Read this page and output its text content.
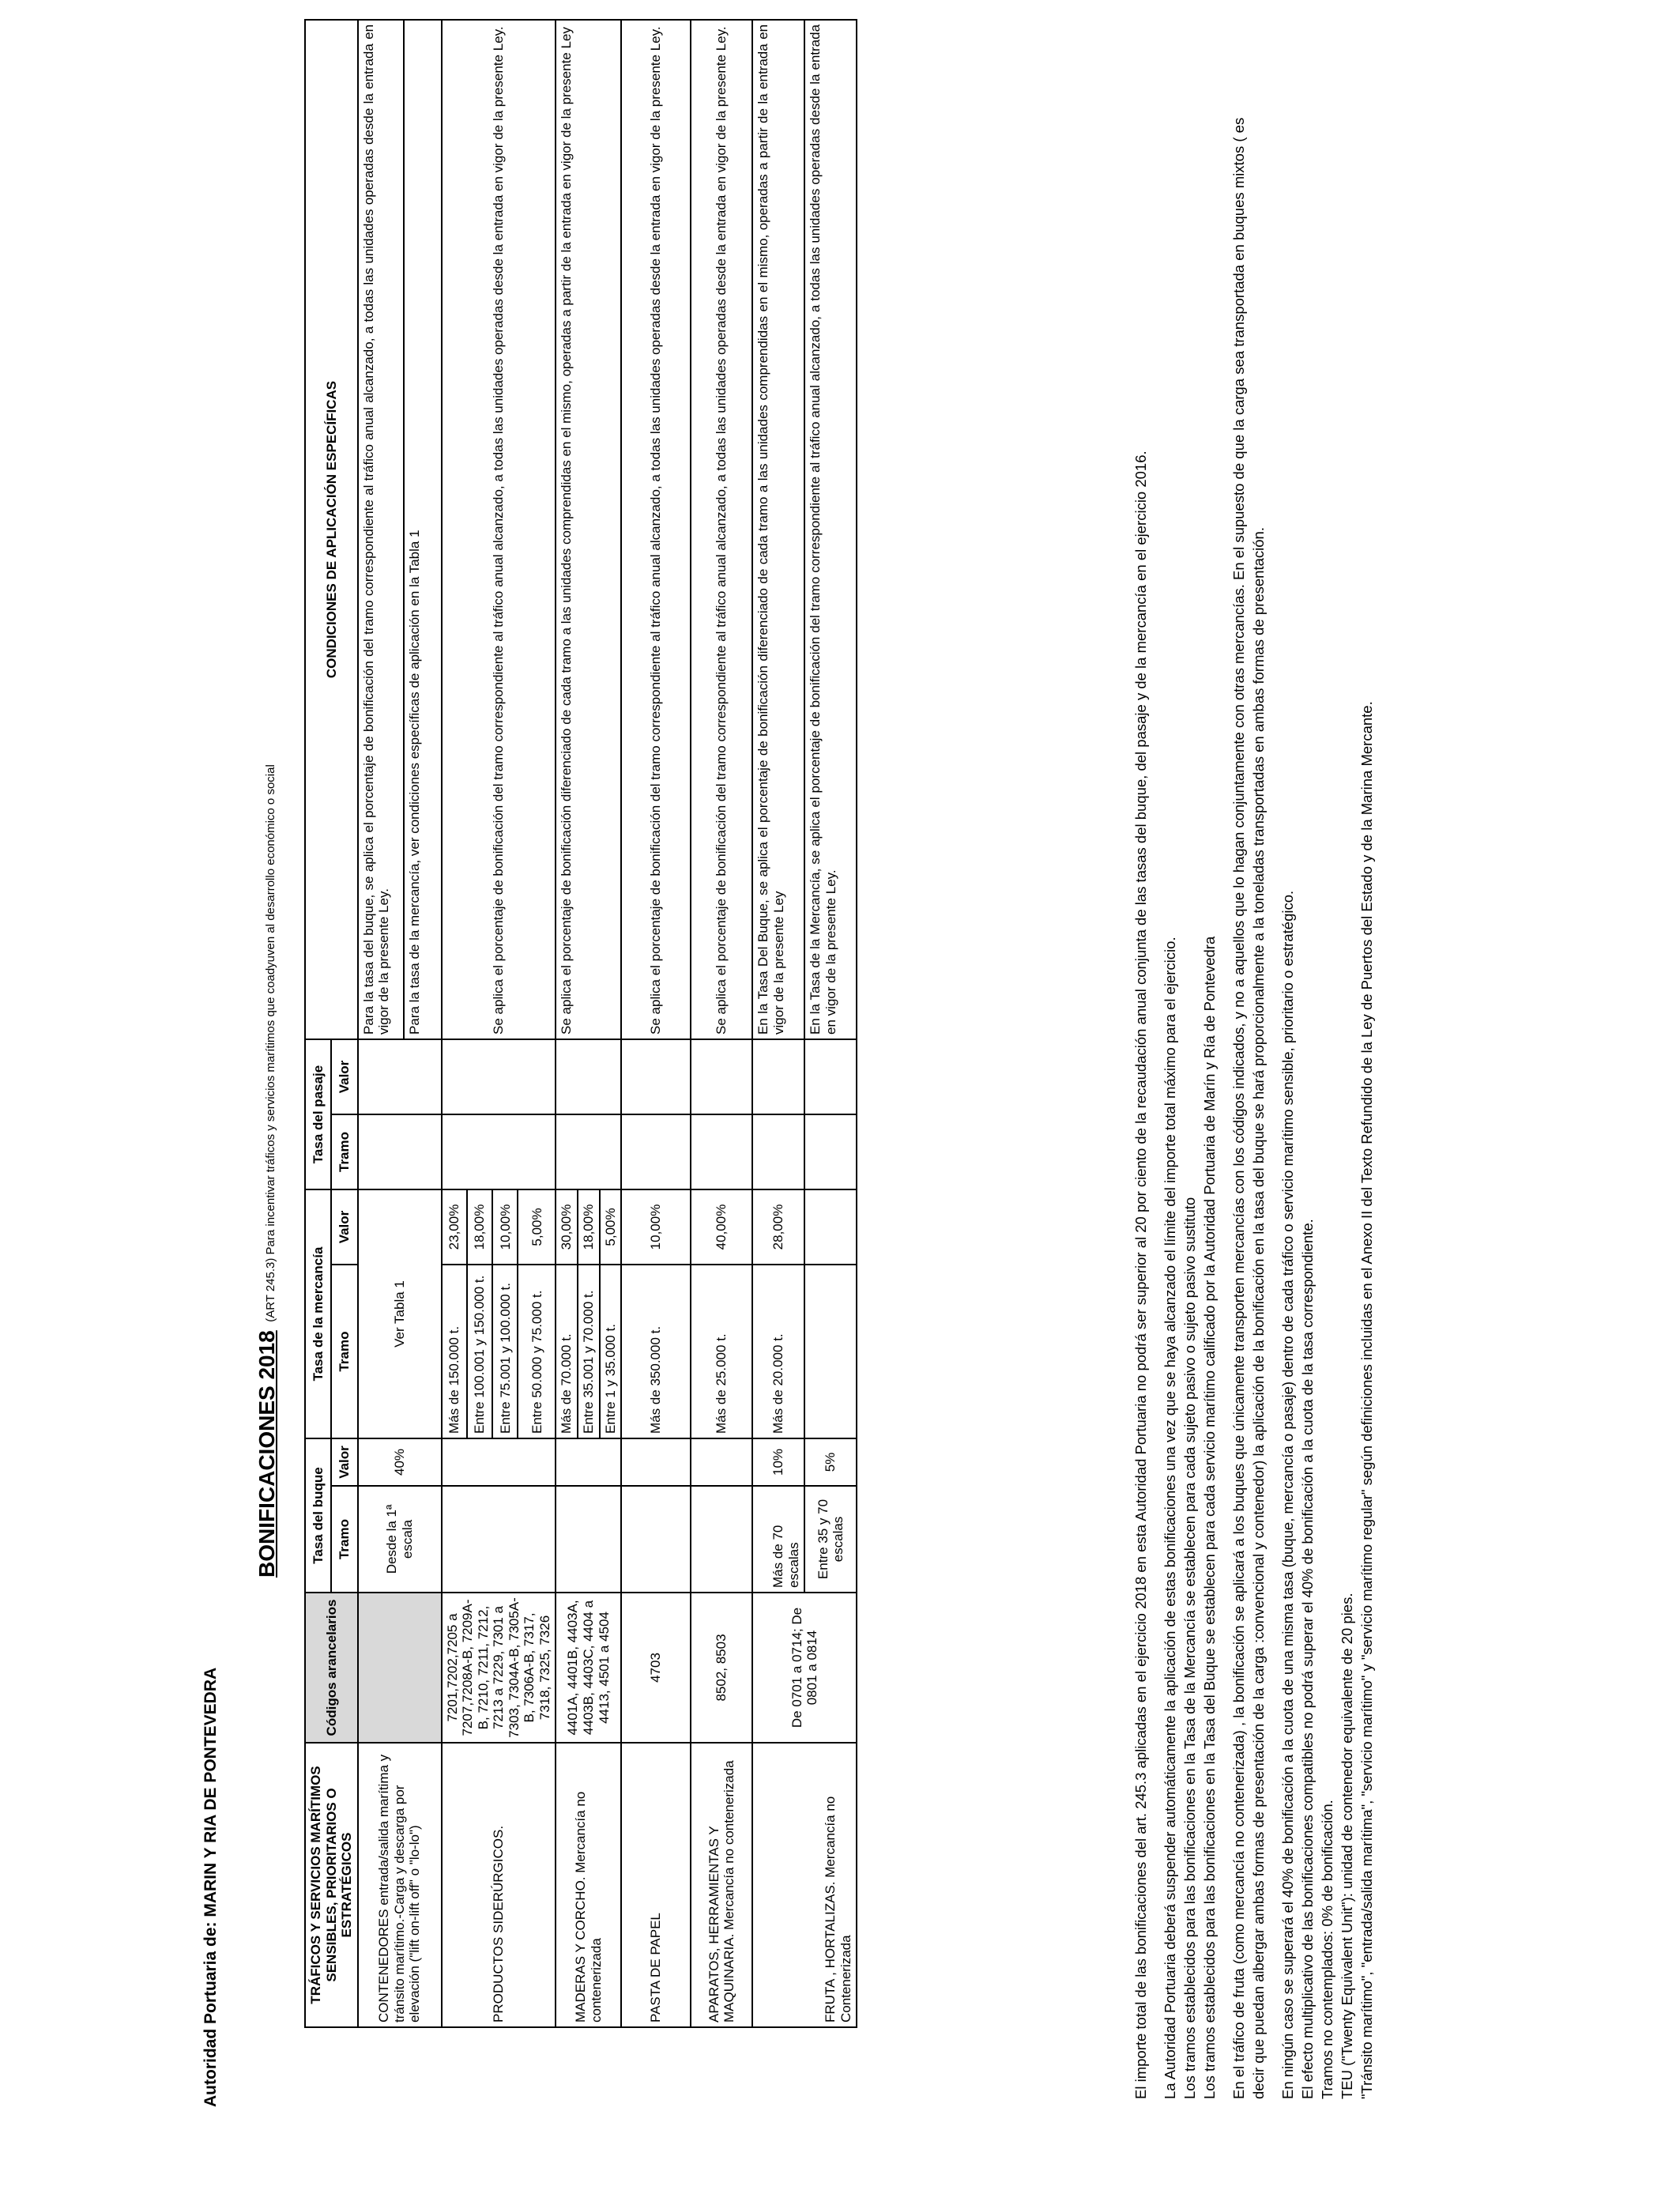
Autoridad Portuaria de: MARIN Y RIA DE PONTEVEDRA
BONIFICACIONES 2018 (ART 245.3) Para incentivar tráficos y servicios marítimos que coadyuven al desarrollo económico o social
TRÁFICOS Y SERVICIOS MARÍTIMOS SENSIBLES, PRIORITARIOS O ESTRATÉGICOS	Códigos arancelarios	Tasa del buque		Tasa de la mercancía		Tasa del pasaje		CONDICIONES DE APLICACIÓN ESPECÍFICAS
		Tramo	Valor	Tramo	Valor	Tramo	Valor	
CONTENEDORES entrada/salida marítima y tránsito marítimo.-Carga y descarga por elevación ("lift on-lift off" o "lo-lo")		Desde la 1ª escala	40%	Ver Tabla 1				Para la tasa del buque, se aplica el porcentaje de bonificación del tramo correspondiente al tráfico anual alcanzado, a todas las unidades operadas desde la entrada en vigor de la presente Ley.
								Para la tasa de la mercancía, ver condiciones específicas de aplicación en la Tabla 1
PRODUCTOS SIDERÚRGICOS.	7201,7202,7205 a 7207,7208A-B, 7209A-B, 7210, 7211, 7212, 7213 a 7229, 7301 a 7303, 7304A-B, 7305A-B, 7306A-B, 7317, 7318, 7325, 7326			Más de 150.000 t.	23,00%			Se aplica el porcentaje de bonificación del tramo correspondiente al tráfico anual alcanzado, a todas las unidades operadas desde la entrada en vigor de la presente Ley.
				Entre 100.001 y 150.000 t.	18,00%			
				Entre 75.001 y 100.000 t.	10,00%			
				Entre 50.000 y 75.000 t.	5,00%			
MADERAS Y CORCHO. Mercancía no contenerizada	4401A, 4401B, 4403A, 4403B, 4403C, 4404 a 4413, 4501 a 4504			Más de 70.000 t.	30,00%			Se aplica el porcentaje de bonificación diferenciado de cada tramo a las unidades comprendidas en el mismo, operadas a partir de la entrada en vigor de la presente Ley
				Entre 35.001 y 70.000 t.	18,00%			
				Entre 1 y 35.000 t.	5,00%			
PASTA DE PAPEL	4703			Más de 350.000 t.	10,00%			Se aplica el porcentaje de bonificación del tramo correspondiente al tráfico anual alcanzado, a todas las unidades operadas desde la entrada en vigor de la presente Ley.
APARATOS, HERRAMIENTAS Y MAQUINARIA. Mercancía no contenerizada	8502, 8503			Más de 25.000 t.	40,00%			Se aplica el porcentaje de bonificación del tramo correspondiente al tráfico anual alcanzado, a todas las unidades operadas desde la entrada en vigor de la presente Ley.
FRUTA , HORTALIZAS. Mercancía no Contenerizada	De 0701 a 0714; De 0801 a 0814	Más de 70 escalas	10%	Más de 20.000 t.	28,00%			En la Tasa Del Buque, se aplica el porcentaje de bonificación diferenciado de cada tramo a las unidades comprendidas en el mismo, operadas a partir de la entrada en vigor de la presente Ley
		Entre 35 y 70 escalas	5%					En la Tasa de la Mercancía, se aplica el porcentaje de bonificación del tramo correspondiente al tráfico anual alcanzado, a todas las unidades operadas desde la entrada en vigor de la presente Ley.	El importe total de las bonificaciones del art. 245.3 aplicadas en el ejercicio 2018 en esta Autoridad Portuaria no podrá ser superior al 20 por ciento de la recaudación anual conjunta de las tasas del buque, del pasaje y de la mercancía en el ejercicio 2016. La Autoridad Portuaria deberá suspender automáticamente la aplicación de estas bonificaciones una vez que se haya alcanzado el límite del importe total máximo para el ejercicio. Los tramos establecidos para las bonificaciones en la Tasa de la Mercancía se establecen para cada sujeto pasivo o sujeto pasivo sustituto Los tramos establecidos para las bonificaciones en la Tasa del Buque se establecen para cada servicio marítimo calificado por la Autoridad Portuaria de Marín y Ría de Pontevedra En el tráfico de fruta (como mercancía no contenerizada) , la bonificación se aplicará a los buques que únicamente transporten mercancías con los códigos indicados, y no a aquellos que lo hagan conjuntamente con otras mercancías. En el supuesto de que la carga sea transportada en buques mixtos ( es decir que puedan albergar ambas formas de presentación de la carga :convencional y contenedor) la aplicación de la bonificación en la tasa del buque se hará proporcionalmente a la toneladas transportadas en ambas formas de presentación. En ningún caso se superará el 40% de bonificación a la cuota de una misma tasa (buque, mercancía o pasaje) dentro de cada tráfico o servicio marítimo sensible, prioritario o estratégico. El efecto multiplicativo de las bonificaciones compatibles no podrá superar el 40% de bonificación a la cuota de la tasa correspondiente. Tramos no contemplados: 0% de bonificación. TEU ("Twenty Equivalent Unit"): unidad de contenedor equivalente de 20 pies. "Tránsito marítimo", "entrada/salida marítima", "servicio marítimo" y "servicio marítimo regular" según definiciones incluidas en el Anexo II del Texto Refundido de la Ley de Puertos del Estado y de la Marina Mercante.
